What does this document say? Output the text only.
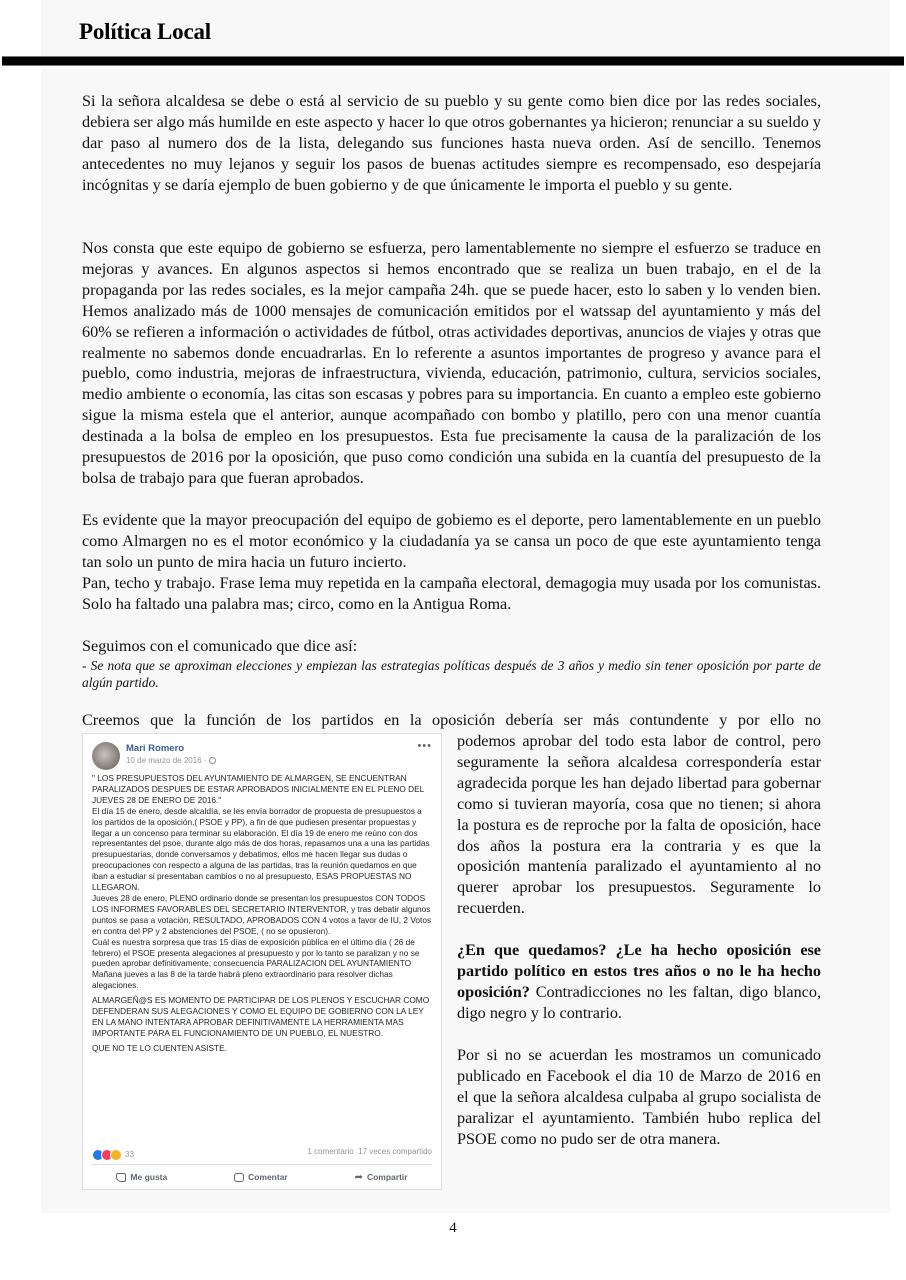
Política Local
Si la señora alcaldesa se debe o está al servicio de su pueblo y su gente como bien dice por las redes sociales, debiera ser algo más humilde en este aspecto y hacer lo que otros gobernantes ya hicieron; renunciar a su sueldo y dar paso al numero dos de la lista, delegando sus funciones hasta nueva orden. Así de sencillo. Tenemos antecedentes no muy lejanos y seguir los pasos de buenas actitudes siempre es recompensado, eso despejaría incógnitas y se daría ejemplo de buen gobierno y de que únicamente le importa el pueblo y su gente.
Nos consta que este equipo de gobierno se esfuerza, pero lamentablemente no siempre el esfuerzo se traduce en mejoras y avances. En algunos aspectos si hemos encontrado que se realiza un buen trabajo, en el de la propaganda por las redes sociales, es la mejor campaña 24h. que se puede hacer, esto lo saben y lo venden bien. Hemos analizado más de 1000 mensajes de comunicación emitidos por el watssap del ayuntamiento y más del 60% se refieren a información o actividades de fútbol, otras actividades deportivas, anuncios de viajes y otras que realmente no sabemos donde encuadrarlas. En lo referente a asuntos importantes de progreso y avance para el pueblo, como industria, mejoras de infraestructura, vivienda, educación, patrimonio, cultura, servicios sociales, medio ambiente o economía, las citas son escasas y pobres para su importancia. En cuanto a empleo este gobierno sigue la misma estela que el anterior, aunque acompañado con bombo y platillo, pero con una menor cuantía destinada a la bolsa de empleo en los presupuestos. Esta fue precisamente la causa de la paralización de los presupuestos de 2016 por la oposición, que puso como condición una subida en la cuantía del presupuesto de la bolsa de trabajo para que fueran aprobados.
Es evidente que la mayor preocupación del equipo de gobiemo es el deporte, pero lamentablemente en un pueblo como Almargen no es el motor económico y la ciudadanía ya se cansa un poco de que este ayuntamiento tenga tan solo un punto de mira hacia un futuro incierto.
Pan, techo y trabajo. Frase lema muy repetida en la campaña electoral, demagogia muy usada por los comunistas. Solo ha faltado una palabra mas; circo, como en la Antigua Roma.
Seguimos con el comunicado que dice así:
- Se nota que se aproximan elecciones y empiezan las estrategias políticas después de 3 años y medio sin tener oposición por parte de algún partido.
Creemos que la función de los partidos en la oposición debería ser más contundente y por ello no
podemos aprobar del todo esta labor de control, pero seguramente la señora alcaldesa correspondería estar agradecida porque les han dejado libertad para gobernar como si tuvieran mayoría, cosa que no tienen; si ahora la postura es de reproche por la falta de oposición, hace dos años la postura era la contraria y es que la oposición mantenía paralizado el ayuntamiento al no querer aprobar los presupuestos. Seguramente lo recuerden.
¿En que quedamos? ¿Le ha hecho oposición ese partido político en estos tres años o no le ha hecho oposición? Contradicciones no les faltan, digo blanco, digo negro y lo contrario.
Por si no se acuerdan les mostramos un comunicado publicado en Facebook el dia 10 de Marzo de 2016 en el que la señora alcaldesa culpaba al grupo socialista de paralizar el ayuntamiento. También hubo replica del PSOE como no pudo ser de otra manera.
Mari Romero
10 de marzo de 2016 ·
•••

" LOS PRESUPUESTOS DEL AYUNTAMIENTO DE ALMARGEN, SE ENCUENTRAN PARALIZADOS DESPUES DE ESTAR APROBADOS INICIALMENTE EN EL PLENO DEL JUEVES 28 DE ENERO DE 2016."

El día 15 de enero, desde alcaldía, se les envía borrador de propuesta de presupuestos a los partidos de la oposición,( PSOE y PP), a fin de que pudiesen presentar propuestas y llegar a un concenso para terminar su elaboración. El día 19 de enero me reúno con dos representantes del psoe, durante algo más de dos horas, repasamos una a una las partidas presupuestarias, donde conversamos y debatimos, ellos me hacen llegar sus dudas o preocupaciones con respecto a alguna de las partidas, tras la reunión quedamos en que iban a estudiar si presentaban cambios o no al presupuesto, ESAS PROPUESTAS NO LLEGARON.

Jueves 28 de enero, PLENO ordinario donde se presentan los presupuestos CON TODOS LOS INFORMES FAVORABLES DEL SECRETARIO INTERVENTOR, y tras debatir algunos puntos se pasa a votación, RESULTADO, APROBADOS CON 4 votos a favor de IU, 2 Votos en contra del PP y 2 abstenciones del PSOE, ( no se opusieron).

Cuál es nuestra sorpresa que tras 15 días de exposición pública en el último día ( 26 de febrero) el PSOE presenta alegaciones al presupuesto y por lo tanto se paralizan y no se pueden aprobar definitivamente, consecuencia PARALIZACION DEL AYUNTAMIENTO

Mañana jueves a las 8 de la tarde habrá pleno extraordinario para resolver dichas alegaciones.

ALMARGEÑ@S ES MOMENTO DE PARTICIPAR DE LOS PLENOS Y ESCUCHAR COMO DEFENDERAN SUS ALEGACIONES Y COMO EL EQUIPO DE GOBIERNO CON LA LEY EN LA MANO INTENTARA APROBAR DEFINITIVAMENTE LA HERRAMIENTA MAS IMPORTANTE PARA EL FUNCIONAMIENTO DE UN PUEBLO, EL NUESTRO.

QUE NO TE LO CUENTEN ASISTE.

33	1 comentario 17 veces compartido
Me gusta	Comentar	➦ Compartir
4
